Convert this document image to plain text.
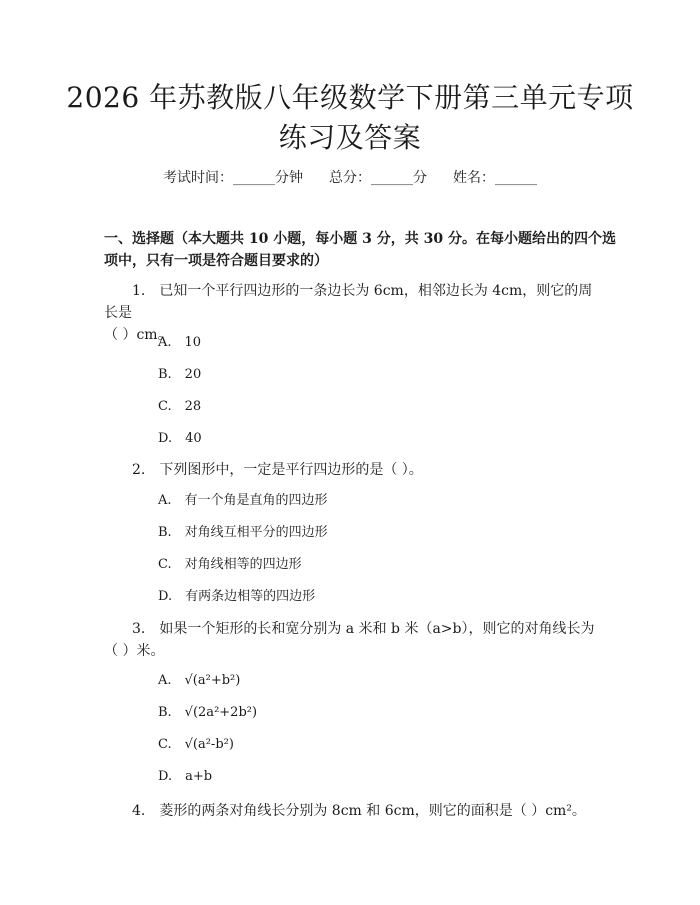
2026 年苏教版八年级数学下册第三单元专项
练习及答案
考试时间：______分钟 总分：______分 姓名：______
一、选择题（本大题共 10 小题，每小题 3 分，共 30 分。在每小题给出的四个选
项中，只有一项是符合题目要求的）
1.　已知一个平行四边形的一条边长为 6cm，相邻边长为 4cm，则它的周长是
（ ）cm。
A.　10
B.　20
C.　28
D.　40
2.　下列图形中，一定是平行四边形的是（ ）。
A.　有一个角是直角的四边形
B.　对角线互相平分的四边形
C.　对角线相等的四边形
D.　有两条边相等的四边形
3.　如果一个矩形的长和宽分别为 a 米和 b 米（a>b），则它的对角线长为
（ ）米。
A.　√(a²+b²)
B.　√(2a²+2b²)
C.　√(a²-b²)
D.　a+b
4.　菱形的两条对角线长分别为 8cm 和 6cm，则它的面积是（ ）cm²。
